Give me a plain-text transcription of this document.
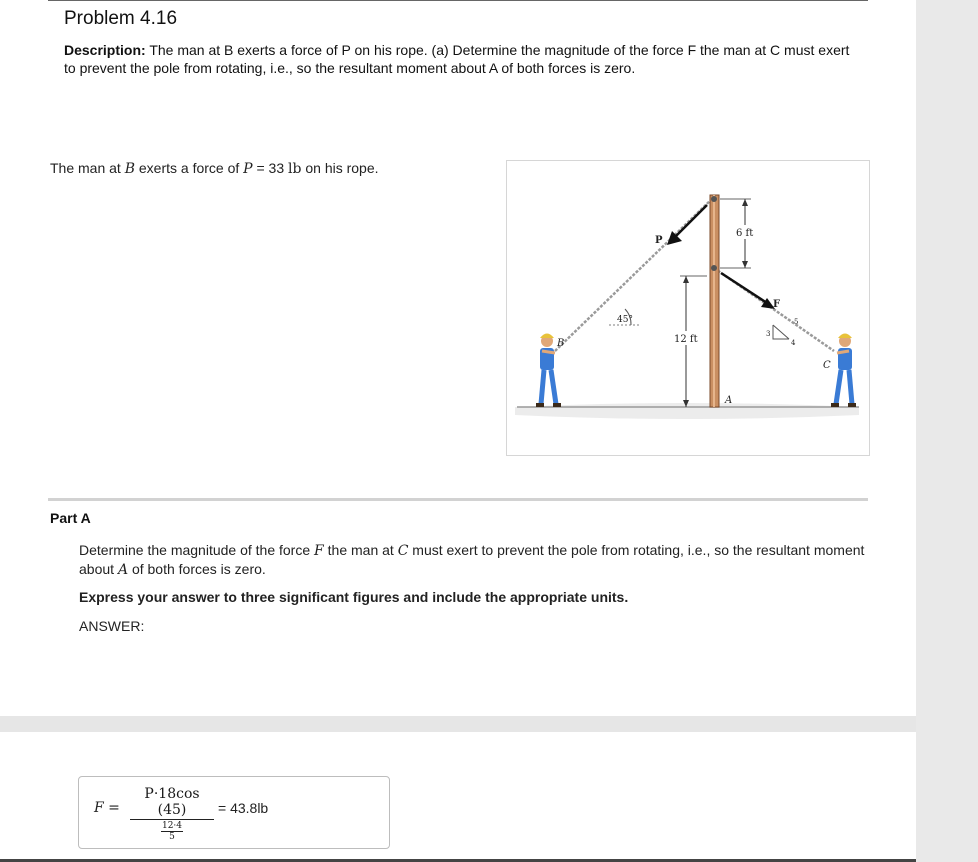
Problem 4.16
Description: The man at B exerts a force of P on his rope. (a) Determine the magnitude of the force F the man at C must exert to prevent the pole from rotating, i.e., so the resultant moment about A of both forces is zero.
The man at B exerts a force of P = 33 lb on his rope.
P
F
B
C
A
45°
12 ft
6 ft
3
4
5
Part A
Determine the magnitude of the force F the man at C must exert to prevent the pole from rotating, i.e., so the resultant moment about A of both forces is zero.
Express your answer to three significant figures and include the appropriate units.
ANSWER:
F = P·18cos (45)
12·4
5 = 43.8lb
